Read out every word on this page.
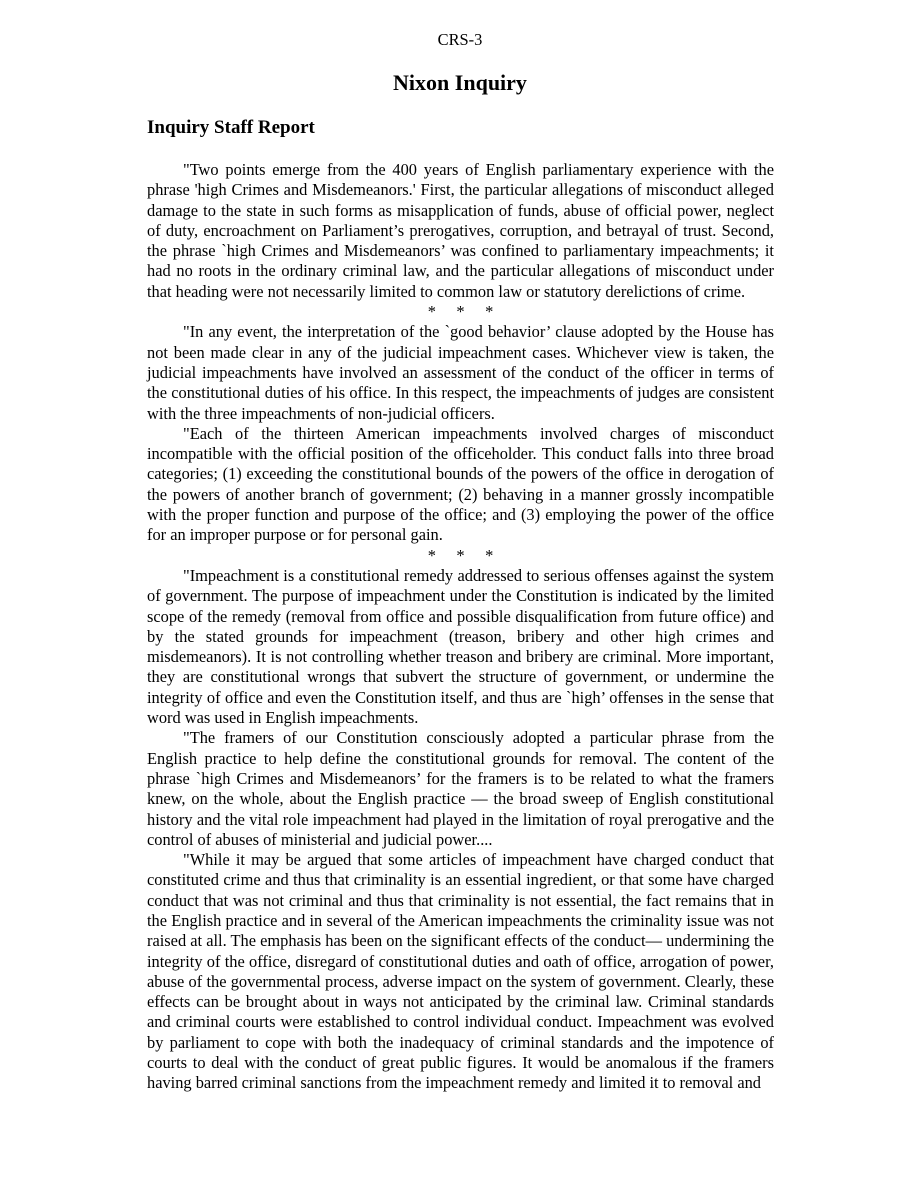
CRS-3
Nixon Inquiry
Inquiry Staff Report

"Two points emerge from the 400 years of English parliamentary experience with the phrase 'high Crimes and Misdemeanors.' First, the particular allegations of misconduct alleged damage to the state in such forms as misapplication of funds, abuse of official power, neglect of duty, encroachment on Parliament’s prerogatives, corruption, and betrayal of trust. Second, the phrase `high Crimes and Misdemeanors’ was confined to parliamentary impeachments; it had no roots in the ordinary criminal law, and the particular allegations of misconduct under that heading were not necessarily limited to common law or statutory derelictions of crime.

*     *     *

"In any event, the interpretation of the `good behavior’ clause adopted by the House has not been made clear in any of the judicial impeachment cases. Whichever view is taken, the judicial impeachments have involved an assessment of the conduct of the officer in terms of the constitutional duties of his office. In this respect, the impeachments of judges are consistent with the three impeachments of non-judicial officers.

"Each of the thirteen American impeachments involved charges of misconduct incompatible with the official position of the officeholder. This conduct falls into three broad categories; (1) exceeding the constitutional bounds of the powers of the office in derogation of the powers of another branch of government; (2) behaving in a manner grossly incompatible with the proper function and purpose of the office; and (3) employing the power of the office for an improper purpose or for personal gain.

*     *     *

"Impeachment is a constitutional remedy addressed to serious offenses against the system of government. The purpose of impeachment under the Constitution is indicated by the limited scope of the remedy (removal from office and possible disqualification from future office) and by the stated grounds for impeachment (treason, bribery and other high crimes and misdemeanors). It is not controlling whether treason and bribery are criminal. More important, they are constitutional wrongs that subvert the structure of government, or undermine the integrity of office and even the Constitution itself, and thus are `high’ offenses in the sense that word was used in English impeachments.

"The framers of our Constitution consciously adopted a particular phrase from the English practice to help define the constitutional grounds for removal. The content of the phrase `high Crimes and Misdemeanors’ for the framers is to be related to what the framers knew, on the whole, about the English practice — the broad sweep of English constitutional history and the vital role impeachment had played in the limitation of royal prerogative and the control of abuses of ministerial and judicial power....

"While it may be argued that some articles of impeachment have charged conduct that constituted crime and thus that criminality is an essential ingredient, or that some have charged conduct that was not criminal and thus that criminality is not essential, the fact remains that in the English practice and in several of the American impeachments the criminality issue was not raised at all. The emphasis has been on the significant effects of the conduct— undermining the integrity of the office, disregard of constitutional duties and oath of office, arrogation of power, abuse of the governmental process, adverse impact on the system of government. Clearly, these effects can be brought about in ways not anticipated by the criminal law. Criminal standards and criminal courts were established to control individual conduct. Impeachment was evolved by parliament to cope with both the inadequacy of criminal standards and the impotence of courts to deal with the conduct of great public figures. It would be anomalous if the framers having barred criminal sanctions from the impeachment remedy and limited it to removal and
